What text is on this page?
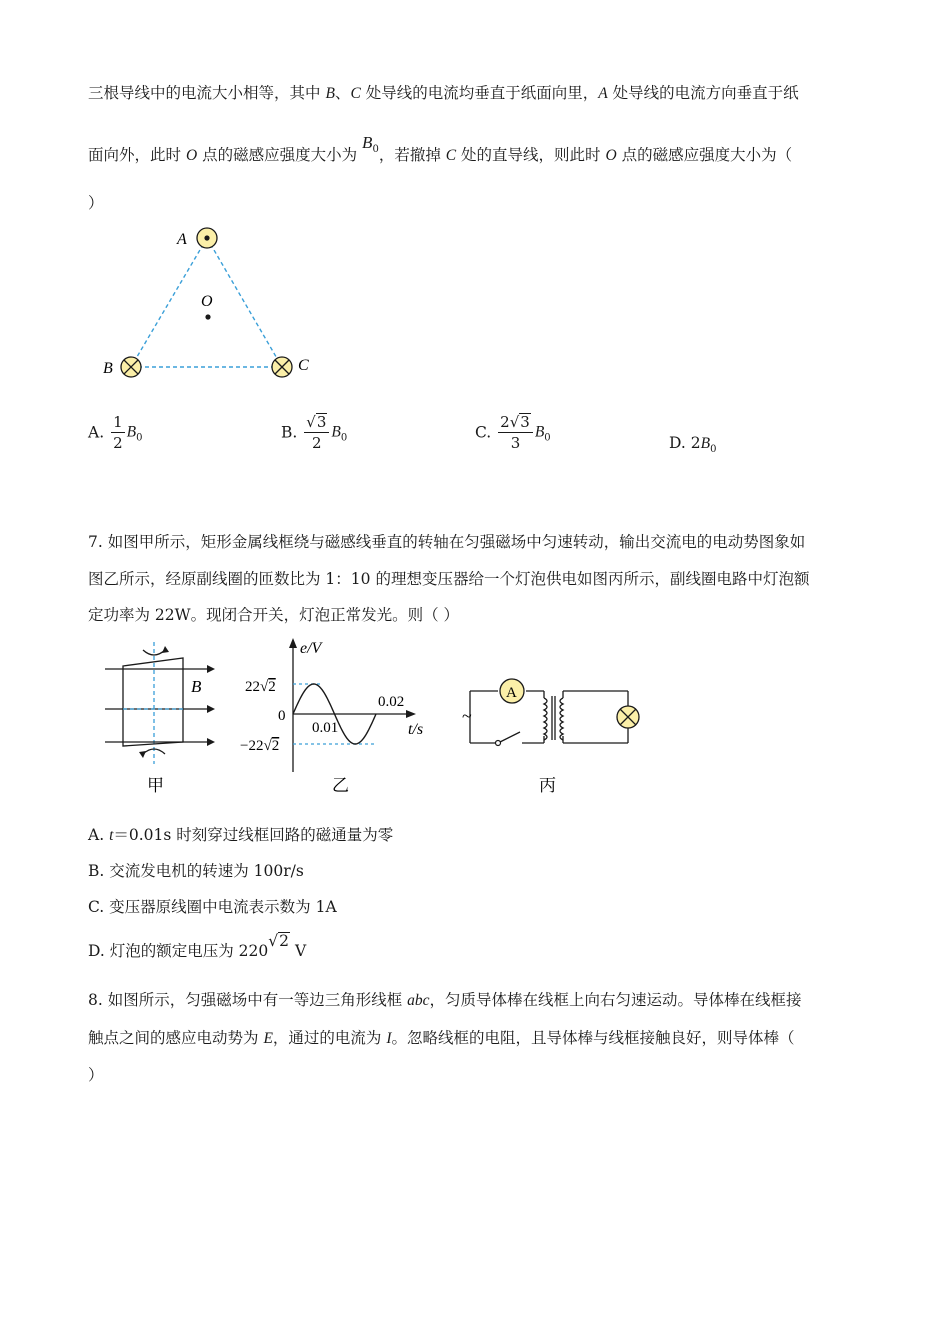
三根导线中的电流大小相等，其中 B、C 处导线的电流均垂直于纸面向里，A 处导线的电流方向垂直于纸
面向外，此时 O 点的磁感应强度大小为 $B_0$，若撤掉 C 处的直导线，则此时 O 点的磁感应强度大小为（
）
A
O
B	C
A. $\frac{1}{2} B_0$	B. $\frac{√3}{2} B_0$	C. $\frac{2√3}{3} B_0$	D. $2B_0$
7. 如图甲所示，矩形金属线框绕与磁感线垂直的转轴在匀强磁场中匀速转动，输出交流电的电动势图象如
图乙所示，经原副线圈的匝数比为 1：10 的理想变压器给一个灯泡供电如图丙所示，副线圈电路中灯泡额
定功率为 22W。现闭合开关，灯泡正常发光。则（ ）
B
甲
e/V
22√2
0
−22√2
0.01
0.02
t/s
乙
A
~
丙
A. t＝0.01s 时刻穿过线框回路的磁通量为零
B. 交流发电机的转速为 100r/s
C. 变压器原线圈中电流表示数为 1A
D. 灯泡的额定电压为 220√2 V
8. 如图所示，匀强磁场中有一等边三角形线框 abc，匀质导体棒在线框上向右匀速运动。导体棒在线框接
触点之间的感应电动势为 E，通过的电流为 I。忽略线框的电阻，且导体棒与线框接触良好，则导体棒（
）
